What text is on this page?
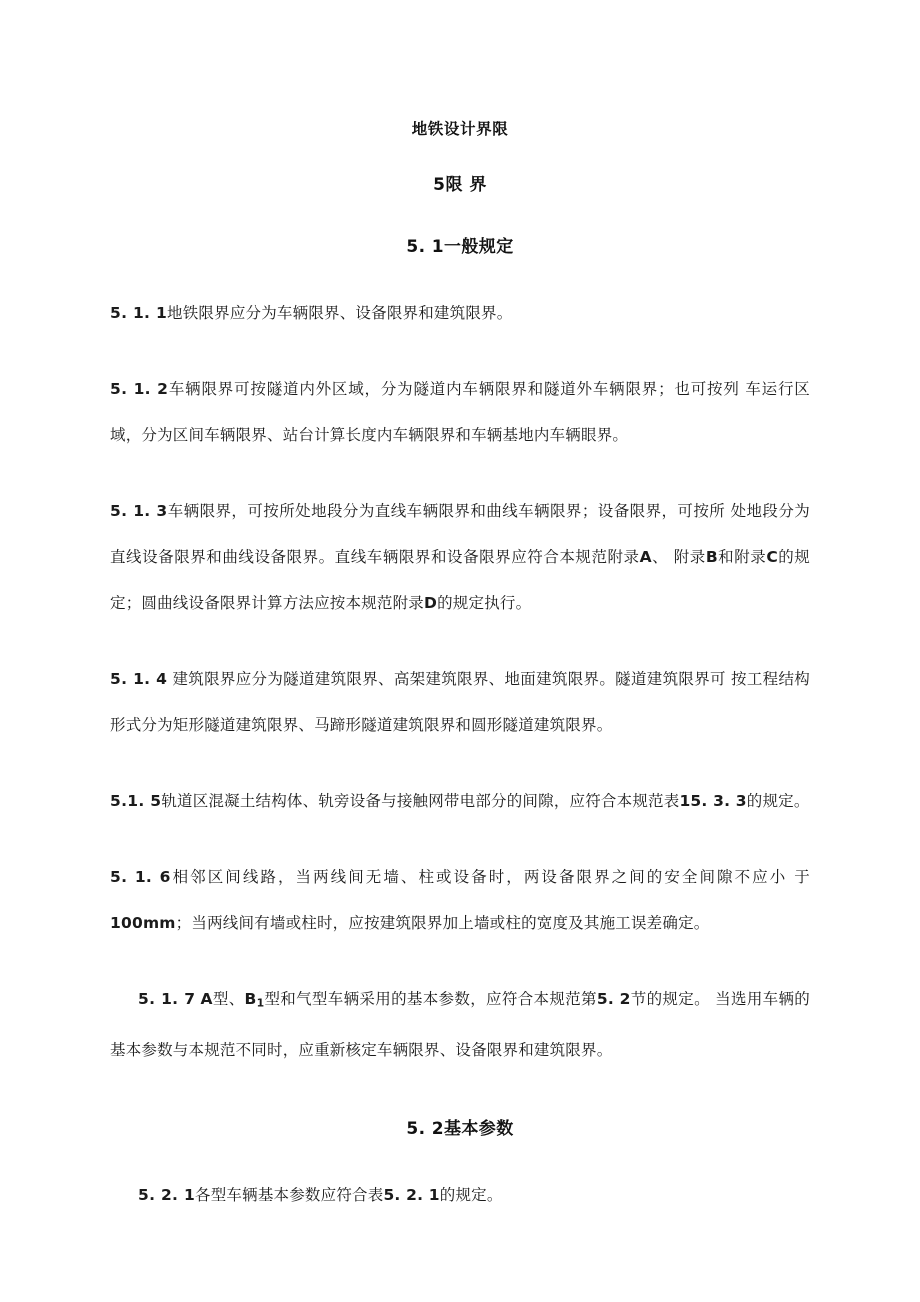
地铁设计界限
5限 界
5. 1一般规定

5. 1. 1地铁限界应分为车辆限界、设备限界和建筑限界。

5. 1. 2车辆限界可按隧道内外区域，分为隧道内车辆限界和隧道外车辆限界；也可按列 车运行区域，分为区间车辆限界、站台计算长度内车辆限界和车辆基地内车辆眼界。

5. 1. 3车辆限界，可按所处地段分为直线车辆限界和曲线车辆限界；设备限界，可按所 处地段分为直线设备限界和曲线设备限界。直线车辆限界和设备限界应符合本规范附录A、 附录B和附录C的规定；圆曲线设备限界计算方法应按本规范附录D的规定执行。

5. 1. 4 建筑限界应分为隧道建筑限界、高架建筑限界、地面建筑限界。隧道建筑限界可 按工程结构形式分为矩形隧道建筑限界、马蹄形隧道建筑限界和圆形隧道建筑限界。

5.1. 5轨道区混凝土结构体、轨旁设备与接触网带电部分的间隙，应符合本规范表15. 3. 3的规定。

5. 1. 6相邻区间线路，当两线间无墙、柱或设备时，两设备限界之间的安全间隙不应小 于100mm；当两线间有墙或柱时，应按建筑限界加上墙或柱的宽度及其施工误差确定。

5. 1. 7 A型、$B_1$型和气型车辆采用的基本参数，应符合本规范第5. 2节的规定。 当选用车辆的基本参数与本规范不同时，应重新核定车辆限界、设备限界和建筑限界。

5. 2基本参数

5. 2. 1各型车辆基本参数应符合表5. 2. 1的规定。
